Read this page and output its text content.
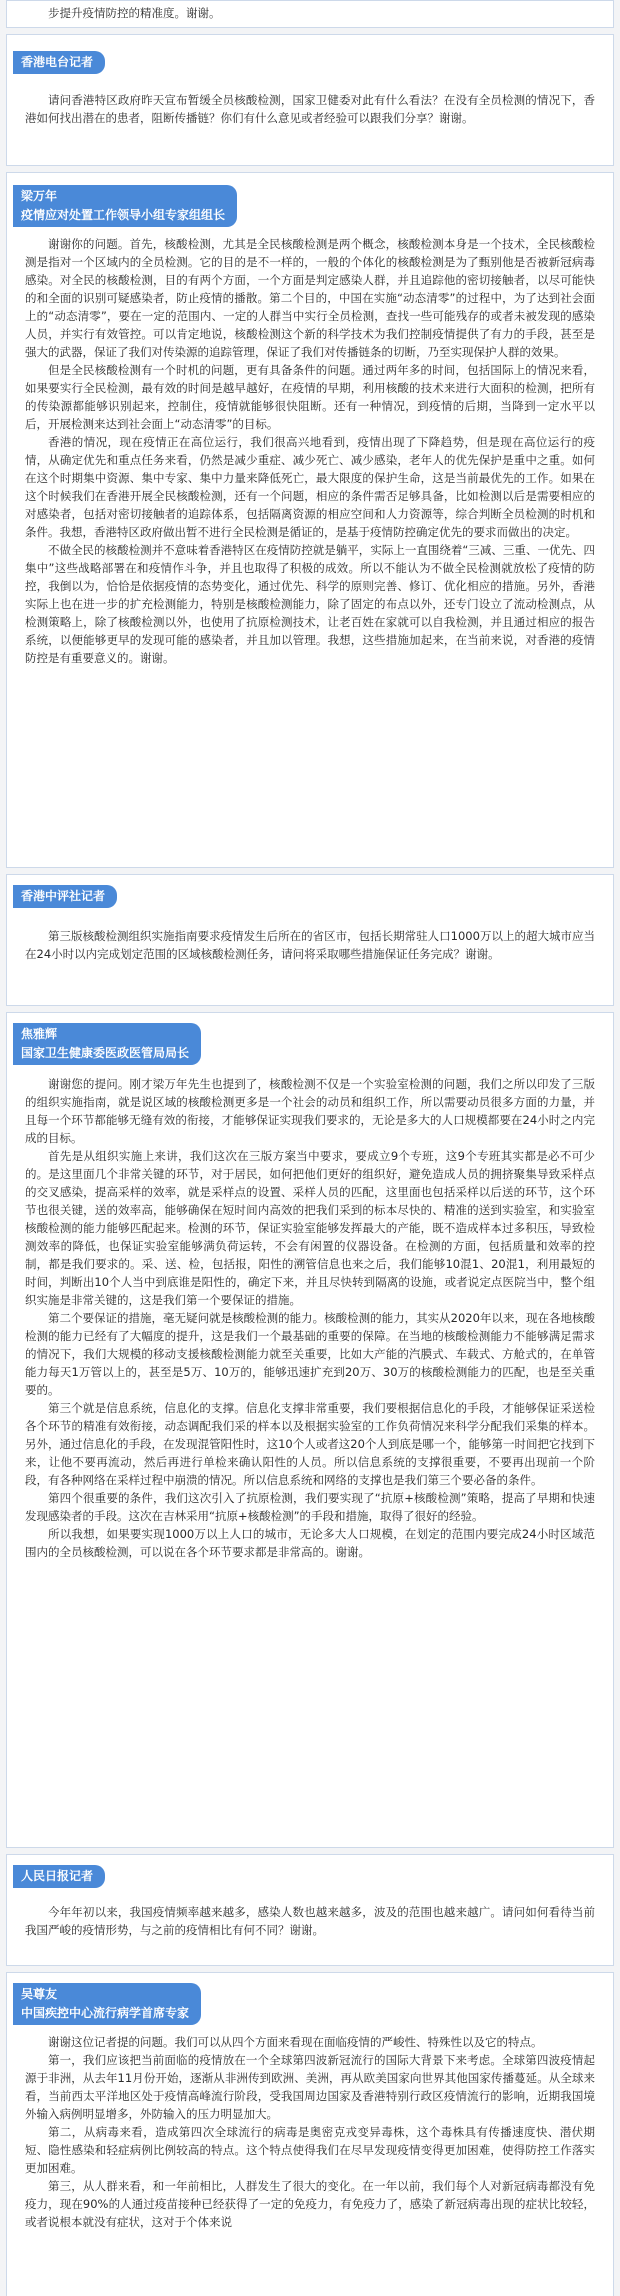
步提升疫情防控的精准度。谢谢。

香港电台记者

请问香港特区政府昨天宣布暂缓全员核酸检测，国家卫健委对此有什么看法？在没有全员检测的情况下，香港如何找出潜在的患者，阻断传播链？你们有什么意见或者经验可以跟我们分享？谢谢。

梁万年
疫情应对处置工作领导小组专家组组长

谢谢你的问题。首先，核酸检测，尤其是全民核酸检测是两个概念，核酸检测本身是一个技术，全民核酸检测是指对一个区域内的全员检测。它的目的是不一样的，一般的个体化的核酸检测是为了甄别他是否被新冠病毒感染。对全民的核酸检测，目的有两个方面，一个方面是判定感染人群，并且追踪他的密切接触者，以尽可能快的和全面的识别可疑感染者，防止疫情的播散。第二个目的，中国在实施“动态清零”的过程中，为了达到社会面上的“动态清零”，要在一定的范围内、一定的人群当中实行全员检测，查找一些可能残存的或者未被发现的感染人员，并实行有效管控。可以肯定地说，核酸检测这个新的科学技术为我们控制疫情提供了有力的手段，甚至是强大的武器，保证了我们对传染源的追踪管理，保证了我们对传播链条的切断，乃至实现保护人群的效果。

但是全民核酸检测有一个时机的问题，更有具备条件的问题。通过两年多的时间，包括国际上的情况来看，如果要实行全民检测，最有效的时间是越早越好，在疫情的早期，利用核酸的技术来进行大面积的检测，把所有的传染源都能够识别起来，控制住，疫情就能够很快阻断。还有一种情况，到疫情的后期，当降到一定水平以后，开展检测来达到社会面上“动态清零”的目标。

香港的情况，现在疫情正在高位运行，我们很高兴地看到，疫情出现了下降趋势，但是现在高位运行的疫情，从确定优先和重点任务来看，仍然是减少重症、减少死亡、减少感染，老年人的优先保护是重中之重。如何在这个时期集中资源、集中专家、集中力量来降低死亡，最大限度的保护生命，这是当前最优先的工作。如果在这个时候我们在香港开展全民核酸检测，还有一个问题，相应的条件需否足够具备，比如检测以后是需要相应的对感染者，包括对密切接触者的追踪体系，包括隔离资源的相应空间和人力资源等，综合判断全员检测的时机和条件。我想，香港特区政府做出暂不进行全民检测是循证的，是基于疫情防控确定优先的要求而做出的决定。

不做全民的核酸检测并不意味着香港特区在疫情防控就是躺平，实际上一直围绕着“三减、三重、一优先、四集中”这些战略部署在和疫情作斗争，并且也取得了积极的成效。所以不能认为不做全民检测就放松了疫情的防控，我倒以为，恰恰是依据疫情的态势变化，通过优先、科学的原则完善、修订、优化相应的措施。另外，香港实际上也在进一步的扩充检测能力，特别是核酸检测能力，除了固定的布点以外，还专门设立了流动检测点，从检测策略上，除了核酸检测以外，也使用了抗原检测技术，让老百姓在家就可以自我检测，并且通过相应的报告系统，以便能够更早的发现可能的感染者，并且加以管理。我想，这些措施加起来，在当前来说，对香港的疫情防控是有重要意义的。谢谢。

香港中评社记者

第三版核酸检测组织实施指南要求疫情发生后所在的省区市，包括长期常驻人口1000万以上的超大城市应当在24小时以内完成划定范围的区域核酸检测任务，请问将采取哪些措施保证任务完成？谢谢。

焦雅辉
国家卫生健康委医政医管局局长

谢谢您的提问。刚才梁万年先生也提到了，核酸检测不仅是一个实验室检测的问题，我们之所以印发了三版的组织实施指南，就是说区域的核酸检测更多是一个社会的动员和组织工作，所以需要动员很多方面的力量，并且每一个环节都能够无缝有效的衔接，才能够保证实现我们要求的，无论是多大的人口规模都要在24小时之内完成的目标。

首先是从组织实施上来讲，我们这次在三版方案当中要求，要成立9个专班，这9个专班其实都是必不可少的。是这里面几个非常关键的环节，对于居民，如何把他们更好的组织好，避免造成人员的拥挤聚集导致采样点的交叉感染，提高采样的效率，就是采样点的设置、采样人员的匹配，这里面也包括采样以后送的环节，这个环节也很关键，送的效率高，能够确保在短时间内高效的把我们采到的标本尽快的、精准的送到实验室，和实验室核酸检测的能力能够匹配起来。检测的环节，保证实验室能够发挥最大的产能，既不造成样本过多积压，导致检测效率的降低，也保证实验室能够满负荷运转，不会有闲置的仪器设备。在检测的方面，包括质量和效率的控制，都是我们要求的。采、送、检，包括报，阳性的溯管信息也来之后，我们能够10混1、20混1，利用最短的时间，判断出10个人当中到底谁是阳性的，确定下来，并且尽快转到隔离的设施，或者说定点医院当中，整个组织实施是非常关键的，这是我们第一个要保证的措施。

第二个要保证的措施，毫无疑问就是核酸检测的能力。核酸检测的能力，其实从2020年以来，现在各地核酸检测的能力已经有了大幅度的提升，这是我们一个最基础的重要的保障。在当地的核酸检测能力不能够满足需求的情况下，我们大规模的移动支援核酸检测能力就至关重要，比如大产能的汽膜式、车载式、方舱式的，在单管能力每天1万管以上的，甚至是5万、10万的，能够迅速扩充到20万、30万的核酸检测能力的匹配，也是至关重要的。

第三个就是信息系统，信息化的支撑。信息化支撑非常重要，我们要根据信息化的手段，才能够保证采送检各个环节的精准有效衔接，动态调配我们采的样本以及根据实验室的工作负荷情况来科学分配我们采集的样本。另外，通过信息化的手段，在发现混管阳性时，这10个人或者这20个人到底是哪一个，能够第一时间把它找到下来，让他不要再流动，然后再进行单检来确认阳性的人员。所以信息系统的支撑很重要，不要再出现前一个阶段，有各种网络在采样过程中崩溃的情况。所以信息系统和网络的支撑也是我们第三个要必备的条件。

第四个很重要的条件，我们这次引入了抗原检测，我们要实现了“抗原+核酸检测”策略，提高了早期和快速发现感染者的手段。这次在吉林采用“抗原+核酸检测”的手段和措施，取得了很好的经验。

所以我想，如果要实现1000万以上人口的城市，无论多大人口规模，在划定的范围内要完成24小时区域范围内的全员核酸检测，可以说在各个环节要求都是非常高的。谢谢。

人民日报记者

今年年初以来，我国疫情频率越来越多，感染人数也越来越多，波及的范围也越来越广。请问如何看待当前我国严峻的疫情形势，与之前的疫情相比有何不同？谢谢。

吴尊友
中国疾控中心流行病学首席专家

谢谢这位记者提的问题。我们可以从四个方面来看现在面临疫情的严峻性、特殊性以及它的特点。

第一，我们应该把当前面临的疫情放在一个全球第四波新冠流行的国际大背景下来考虑。全球第四波疫情起源于非洲，从去年11月份开始，逐渐从非洲传到欧洲、美洲，再从欧美国家向世界其他国家传播蔓延。从全球来看，当前西太平洋地区处于疫情高峰流行阶段，受我国周边国家及香港特别行政区疫情流行的影响，近期我国境外输入病例明显增多，外防输入的压力明显加大。

第二，从病毒来看，造成第四次全球流行的病毒是奥密克戎变异毒株，这个毒株具有传播速度快、潜伏期短、隐性感染和轻症病例比例较高的特点。这个特点使得我们在尽早发现疫情变得更加困难，使得防控工作落实更加困难。

第三，从人群来看，和一年前相比，人群发生了很大的变化。在一年以前，我们每个人对新冠病毒都没有免疫力，现在90%的人通过疫苗接种已经获得了一定的免疫力，有免疫力了，感染了新冠病毒出现的症状比较轻，或者说根本就没有症状，这对于个体来说
